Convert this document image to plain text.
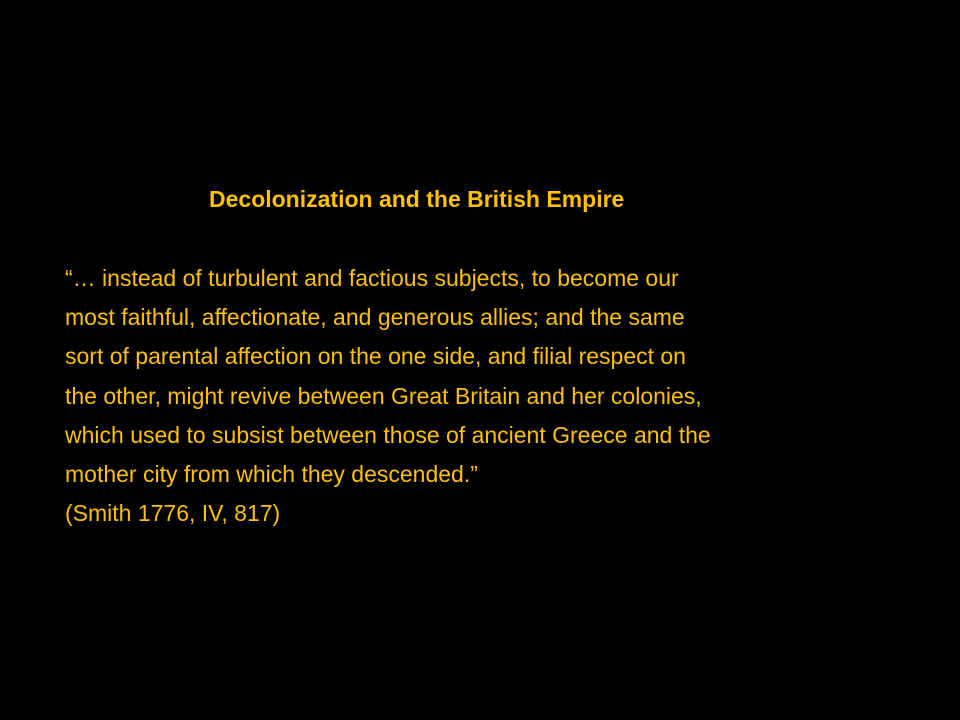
Decolonization and the British Empire
“… instead of turbulent and factious subjects, to become our
most faithful, affectionate, and generous allies; and the same
sort of parental affection on the one side, and filial respect on
the other, might revive between Great Britain and her colonies,
which used to subsist between those of ancient Greece and the
mother city from which they descended.”
(Smith 1776, IV, 817)
